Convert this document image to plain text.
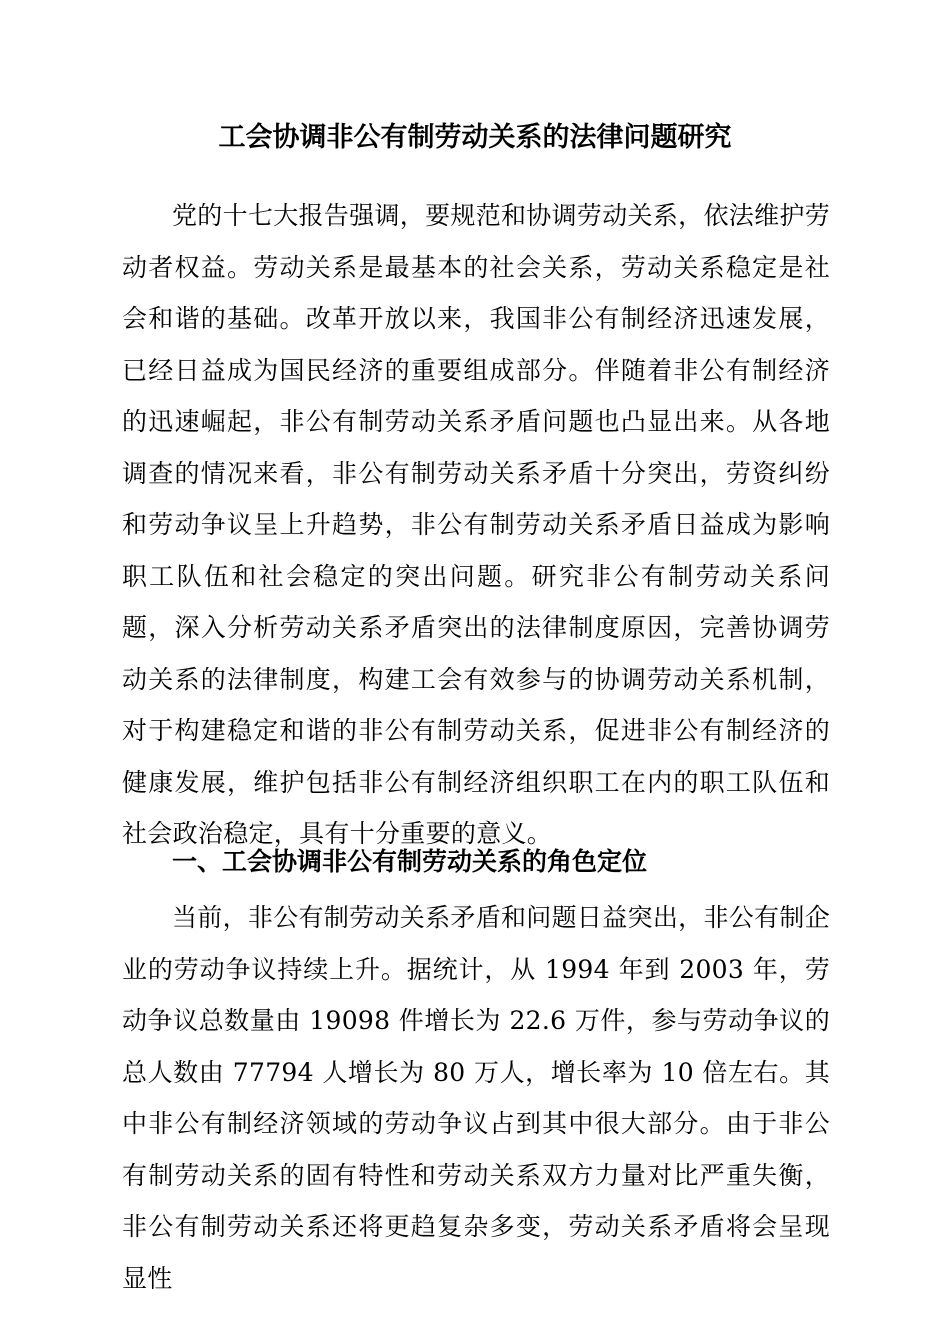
工会协调非公有制劳动关系的法律问题研究

党的十七大报告强调，要规范和协调劳动关系，依法维护劳动者权益。劳动关系是最基本的社会关系，劳动关系稳定是社会和谐的基础。改革开放以来，我国非公有制经济迅速发展，已经日益成为国民经济的重要组成部分。伴随着非公有制经济的迅速崛起，非公有制劳动关系矛盾问题也凸显出来。从各地调查的情况来看，非公有制劳动关系矛盾十分突出，劳资纠纷和劳动争议呈上升趋势，非公有制劳动关系矛盾日益成为影响职工队伍和社会稳定的突出问题。研究非公有制劳动关系问题，深入分析劳动关系矛盾突出的法律制度原因，完善协调劳动关系的法律制度，构建工会有效参与的协调劳动关系机制，对于构建稳定和谐的非公有制劳动关系，促进非公有制经济的健康发展，维护包括非公有制经济组织职工在内的职工队伍和社会政治稳定，具有十分重要的意义。

一、工会协调非公有制劳动关系的角色定位

当前，非公有制劳动关系矛盾和问题日益突出，非公有制企业的劳动争议持续上升。据统计，从 1994 年到 2003 年，劳动争议总数量由 19098 件增长为 22.6 万件，参与劳动争议的总人数由 77794 人增长为 80 万人，增长率为 10 倍左右。其中非公有制经济领域的劳动争议占到其中很大部分。由于非公有制劳动关系的固有特性和劳动关系双方力量对比严重失衡，非公有制劳动关系还将更趋复杂多变，劳动关系矛盾将会呈现显性
